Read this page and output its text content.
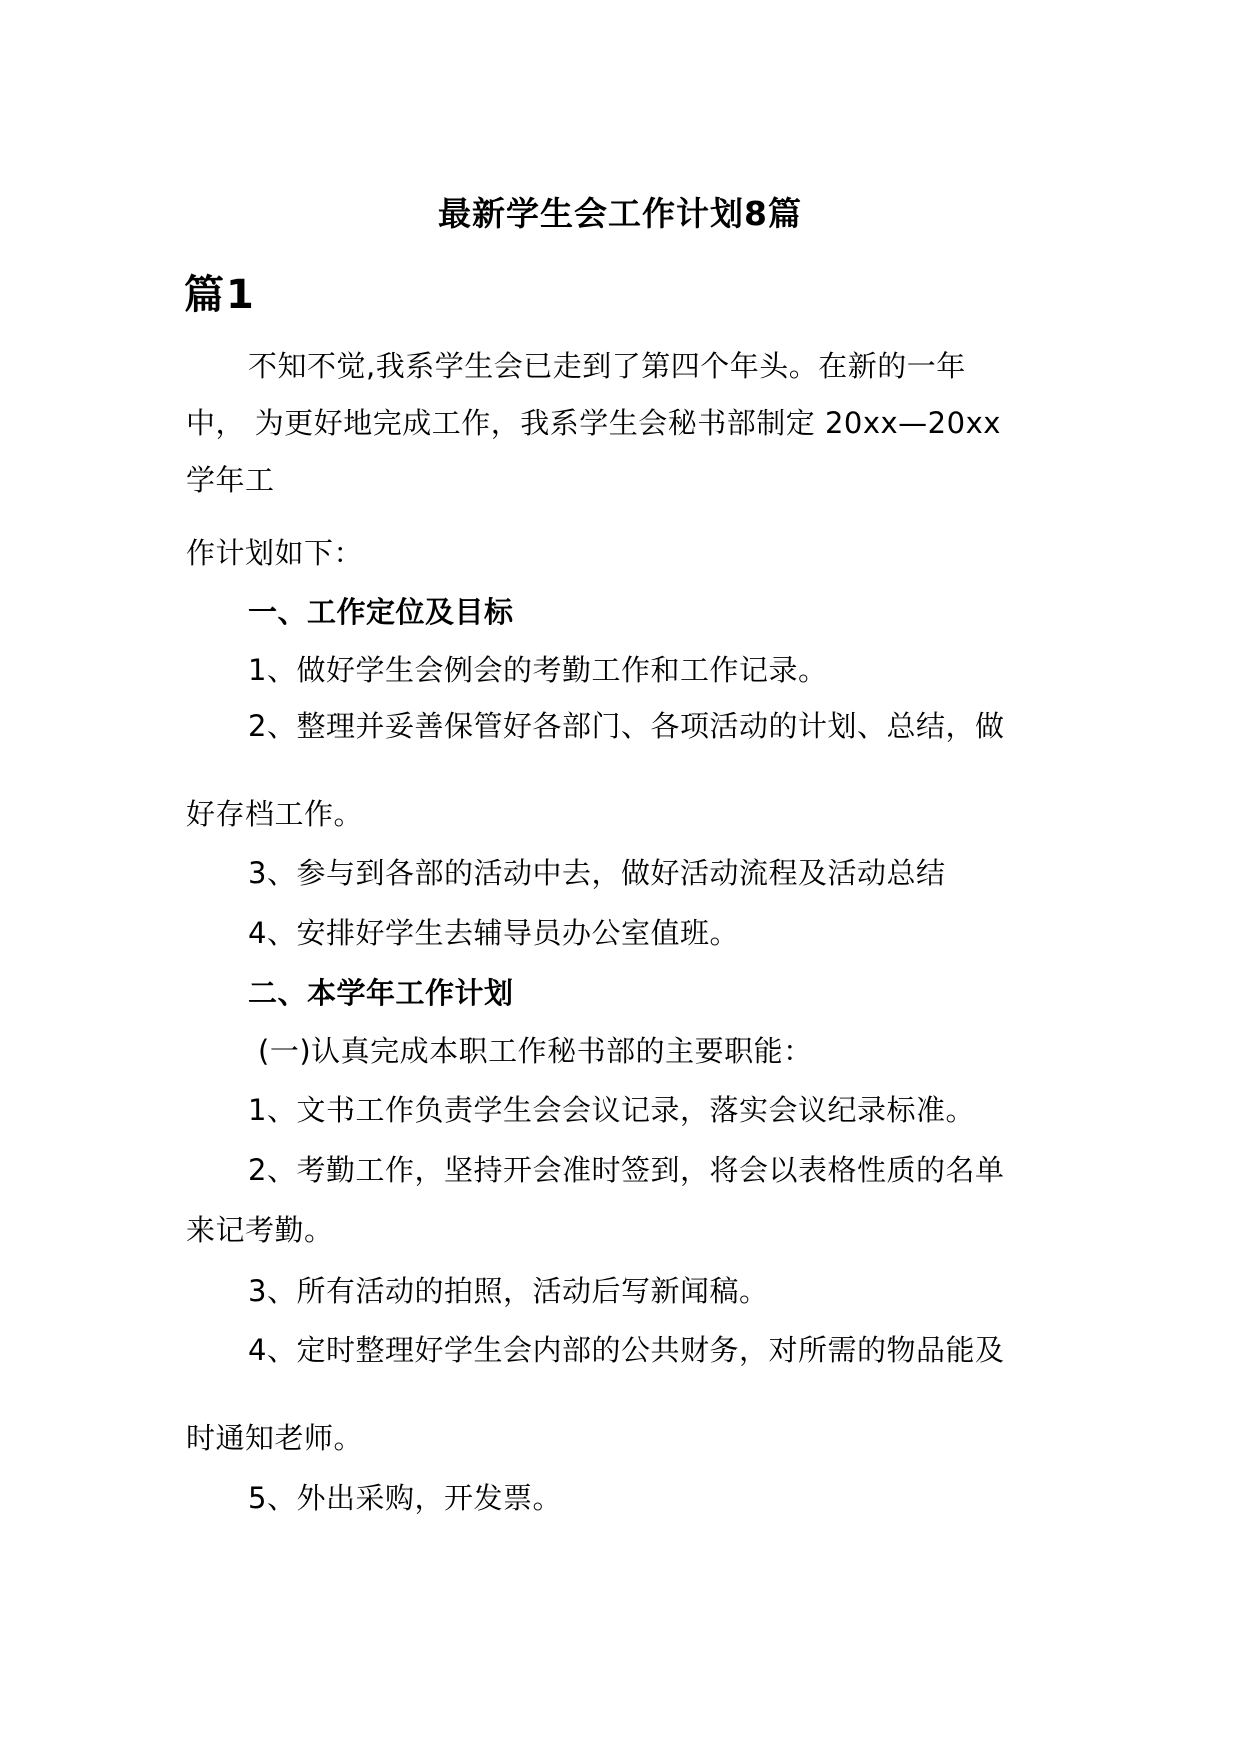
最新学生会工作计划8篇
篇1
不知不觉,我系学生会已走到了第四个年头。在新的一年
中， 为更好地完成工作，我系学生会秘书部制定 20xx—20xx
学年工
作计划如下：
一、工作定位及目标
1、做好学生会例会的考勤工作和工作记录。
2、整理并妥善保管好各部门、各项活动的计划、总结，做
好存档工作。
3、参与到各部的活动中去，做好活动流程及活动总结
4、安排好学生去辅导员办公室值班。
二、本学年工作计划
(一)认真完成本职工作秘书部的主要职能：
1、文书工作负责学生会会议记录，落实会议纪录标准。
2、考勤工作，坚持开会准时签到，将会以表格性质的名单
来记考勤。
3、所有活动的拍照，活动后写新闻稿。
4、定时整理好学生会内部的公共财务，对所需的物品能及
时通知老师。
5、外出采购，开发票。
